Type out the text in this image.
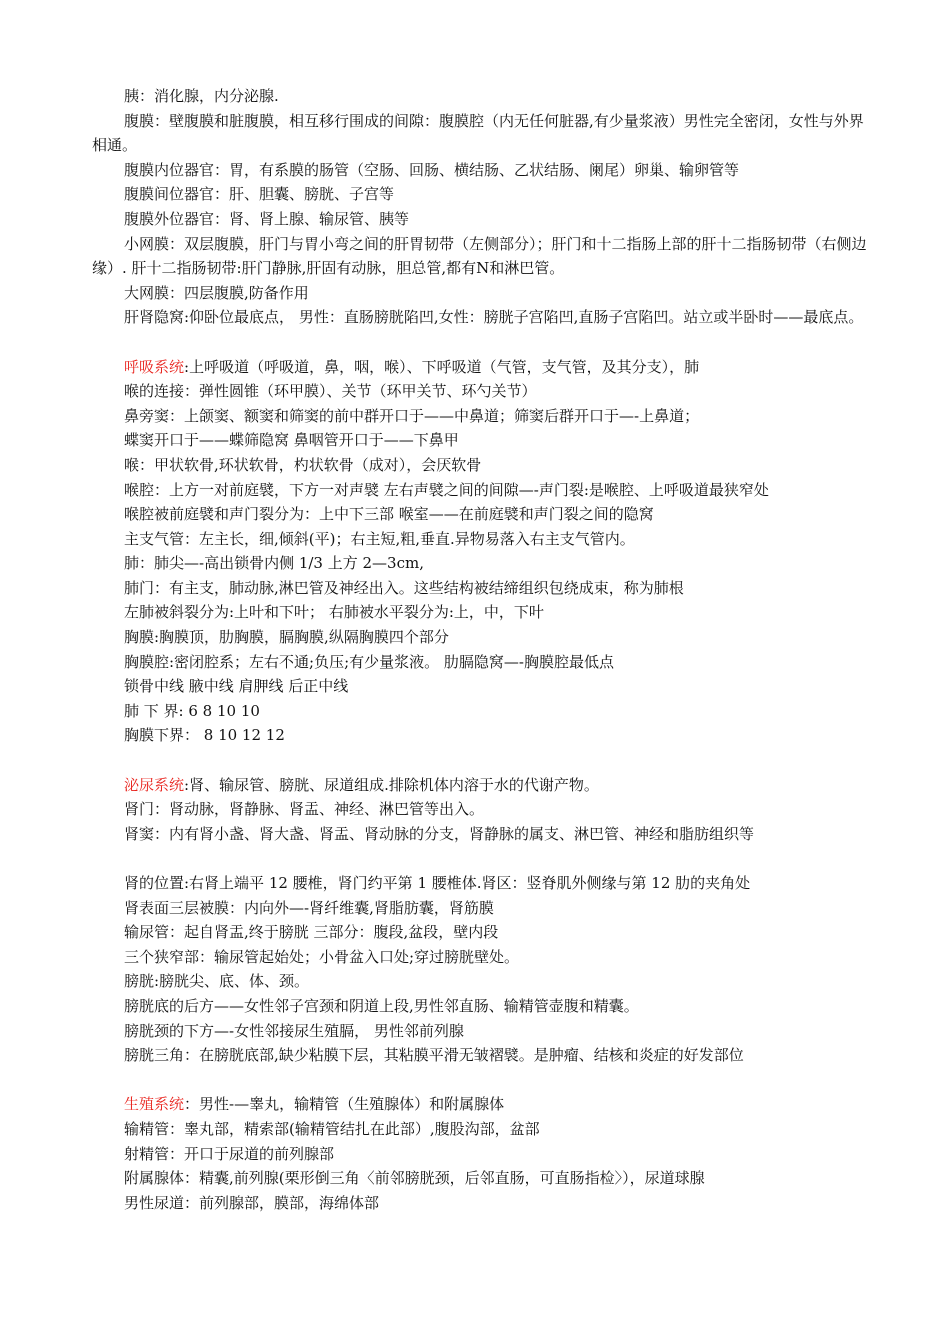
胰：消化腺，内分泌腺.
腹膜：壁腹膜和脏腹膜，相互移行围成的间隙：腹膜腔（内无任何脏器,有少量浆液）男性完全密闭，女性与外界相通。
腹膜内位器官：胃，有系膜的肠管（空肠、回肠、横结肠、乙状结肠、阑尾）卵巢、输卵管等
腹膜间位器官：肝、胆囊、膀胱、子宫等
腹膜外位器官：肾、肾上腺、输尿管、胰等
小网膜：双层腹膜，肝门与胃小弯之间的肝胃韧带（左侧部分）；肝门和十二指肠上部的肝十二指肠韧带（右侧边缘）. 肝十二指肠韧带:肝门静脉,肝固有动脉，胆总管,都有N和淋巴管。
大网膜：四层腹膜,防备作用
肝肾隐窝:仰卧位最底点， 男性：直肠膀胱陷凹,女性：膀胱子宫陷凹,直肠子宫陷凹。站立或半卧时——最底点。
呼吸系统:上呼吸道（呼吸道，鼻，咽，喉）、下呼吸道（气管，支气管，及其分支），肺
喉的连接：弹性圆锥（环甲膜）、关节（环甲关节、环勺关节）
鼻旁窦：上颌窦、额窦和筛窦的前中群开口于——中鼻道；筛窦后群开口于—-上鼻道；
蝶窦开口于——蝶筛隐窝 鼻咽管开口于——下鼻甲
喉：甲状软骨,环状软骨，杓状软骨（成对），会厌软骨
喉腔：上方一对前庭襞，下方一对声襞 左右声襞之间的间隙—-声门裂:是喉腔、上呼吸道最狭窄处
喉腔被前庭襞和声门裂分为：上中下三部 喉室——在前庭襞和声门裂之间的隐窝
主支气管：左主长，细,倾斜(平)；右主短,粗,垂直.异物易落入右主支气管内。
肺：肺尖—-高出锁骨内侧 1/3 上方 2—3cm,
肺门：有主支，肺动脉,淋巴管及神经出入。这些结构被结缔组织包绕成束，称为肺根
左肺被斜裂分为:上叶和下叶； 右肺被水平裂分为:上，中，下叶
胸膜:胸膜顶，肋胸膜，膈胸膜,纵隔胸膜四个部分
胸膜腔:密闭腔系；左右不通;负压;有少量浆液。 肋膈隐窝—-胸膜腔最低点
锁骨中线 腋中线 肩胛线 后正中线
肺 下 界: 6 8 10 10
胸膜下界： 8 10 12 12
泌尿系统:肾、输尿管、膀胱、尿道组成.排除机体内溶于水的代谢产物。
肾门：肾动脉，肾静脉、肾盂、神经、淋巴管等出入。
肾窦：内有肾小盏、肾大盏、肾盂、肾动脉的分支，肾静脉的属支、淋巴管、神经和脂肪组织等
肾的位置:右肾上端平 12 腰椎，肾门约平第 1 腰椎体.肾区：竖脊肌外侧缘与第 12 肋的夹角处
肾表面三层被膜：内向外—-肾纤维囊,肾脂肪囊，肾筋膜
输尿管：起自肾盂,终于膀胱 三部分：腹段,盆段，壁内段
三个狭窄部：输尿管起始处；小骨盆入口处;穿过膀胱壁处。
膀胱:膀胱尖、底、体、颈。
膀胱底的后方——女性邻子宫颈和阴道上段,男性邻直肠、输精管壶腹和精囊。
膀胱颈的下方—-女性邻接尿生殖膈， 男性邻前列腺
膀胱三角：在膀胱底部,缺少粘膜下层，其粘膜平滑无皱褶襞。是肿瘤、结核和炎症的好发部位
生殖系统：男性-—睾丸，输精管（生殖腺体）和附属腺体
输精管：睾丸部，精索部(输精管结扎在此部）,腹股沟部，盆部
射精管：开口于尿道的前列腺部
附属腺体：精囊,前列腺(栗形倒三角〈前邻膀胱颈，后邻直肠，可直肠指检〉），尿道球腺
男性尿道：前列腺部，膜部，海绵体部
